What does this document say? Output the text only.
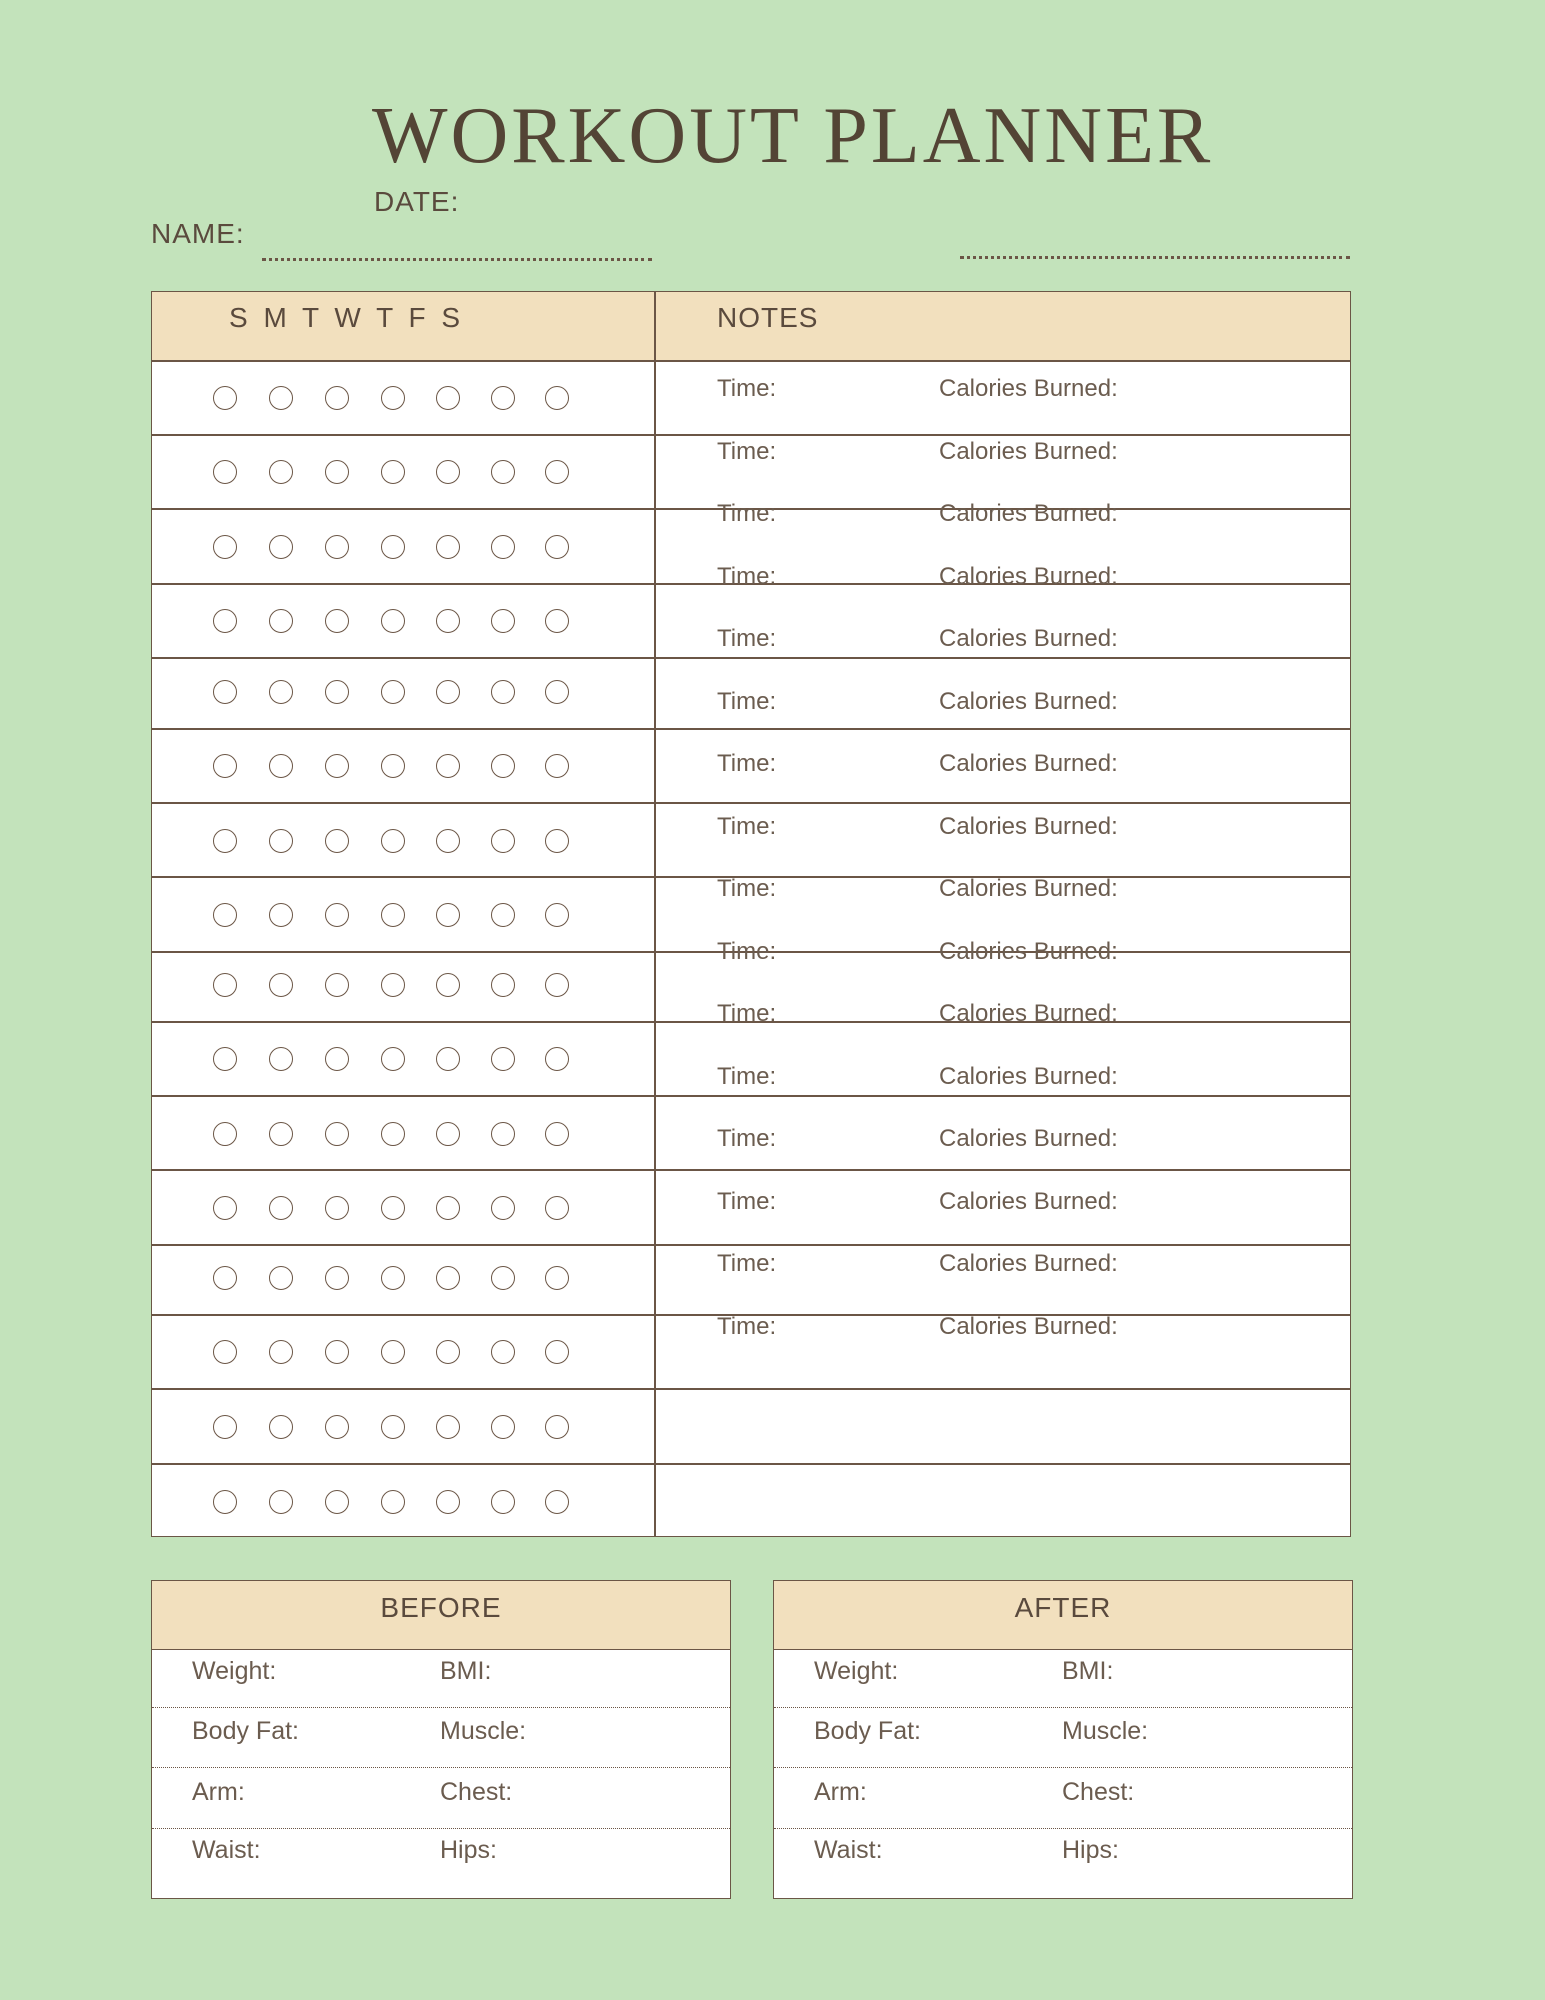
WORKOUT PLANNER
DATE:
NAME:
S M T W T F S	NOTES
Time:	Calories Burned:
Time:	Calories Burned:
Time:	Calories Burned:
Time:	Calories Burned:
Time:	Calories Burned:
Time:	Calories Burned:
Time:	Calories Burned:
Time:	Calories Burned:
Time:	Calories Burned:
Time:	Calories Burned:
Time:	Calories Burned:
Time:	Calories Burned:
Time:	Calories Burned:
Time:	Calories Burned:
Time:	Calories Burned:
Time:	Calories Burned:
BEFORE
Weight:	BMI:
Body Fat:	Muscle:
Arm:	Chest:
Waist:	Hips:
AFTER
Weight:	BMI:
Body Fat:	Muscle:
Arm:	Chest:
Waist:	Hips:
